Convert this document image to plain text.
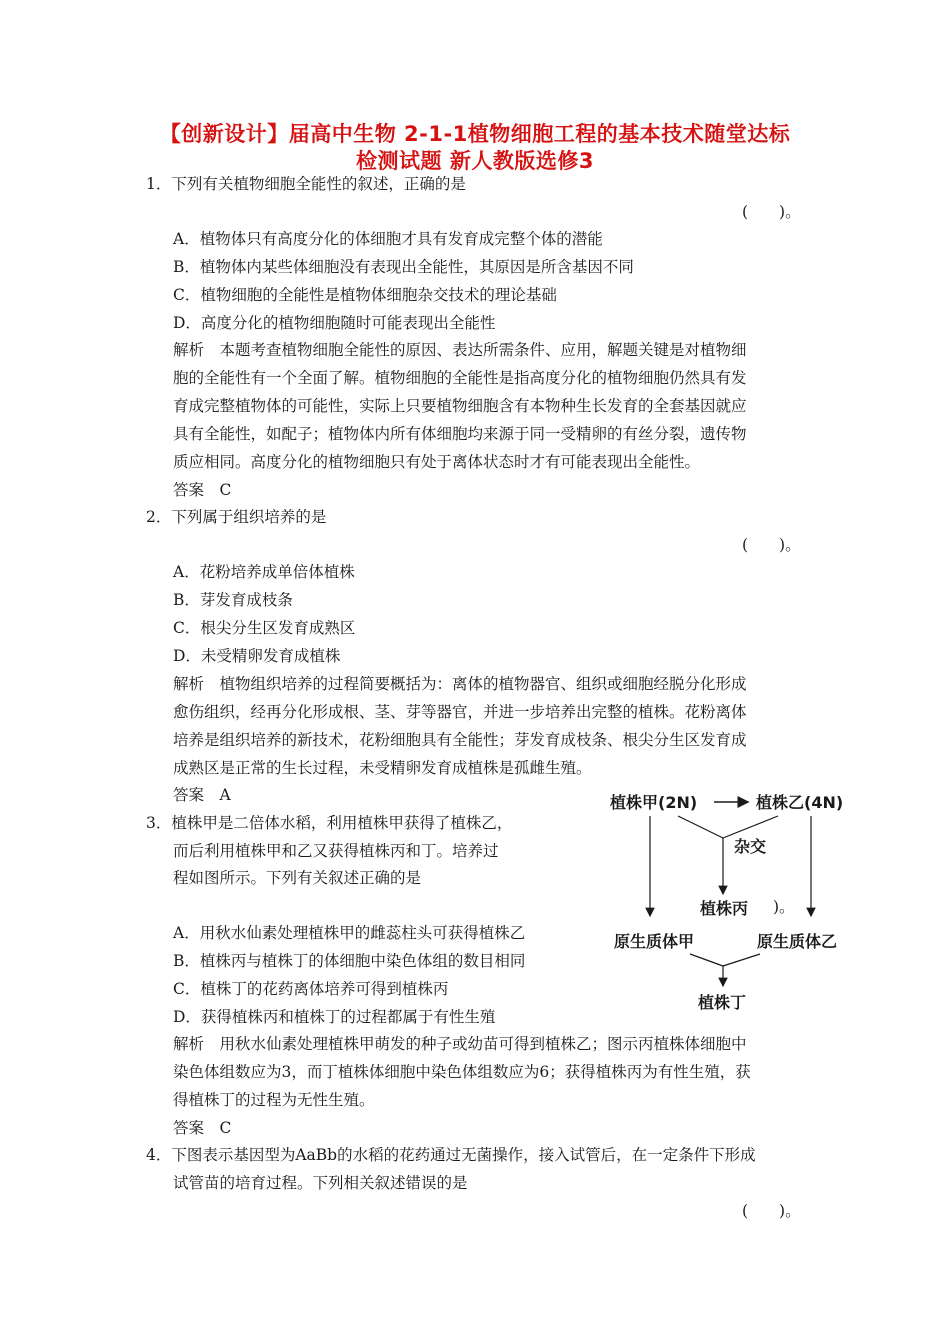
【创新设计】届高中生物 2-1-1植物细胞工程的基本技术随堂达标
检测试题 新人教版选修3
1．下列有关植物细胞全能性的叙述，正确的是
(　　)。
A．植物体只有高度分化的体细胞才具有发育成完整个体的潜能
B．植物体内某些体细胞没有表现出全能性，其原因是所含基因不同
C．植物细胞的全能性是植物体细胞杂交技术的理论基础
D．高度分化的植物细胞随时可能表现出全能性
解析　本题考查植物细胞全能性的原因、表达所需条件、应用，解题关键是对植物细
胞的全能性有一个全面了解。植物细胞的全能性是指高度分化的植物细胞仍然具有发
育成完整植物体的可能性，实际上只要植物细胞含有本物种生长发育的全套基因就应
具有全能性，如配子；植物体内所有体细胞均来源于同一受精卵的有丝分裂，遗传物
质应相同。高度分化的植物细胞只有处于离体状态时才有可能表现出全能性。
答案　C
2．下列属于组织培养的是
(　　)。
A．花粉培养成单倍体植株
B．芽发育成枝条
C．根尖分生区发育成熟区
D．未受精卵发育成植株
解析　植物组织培养的过程简要概括为：离体的植物器官、组织或细胞经脱分化形成
愈伤组织，经再分化形成根、茎、芽等器官，并进一步培养出完整的植株。花粉离体
培养是组织培养的新技术，花粉细胞具有全能性；芽发育成枝条、根尖分生区发育成
成熟区是正常的生长过程，未受精卵发育成植株是孤雌生殖。
答案　A
3．植株甲是二倍体水稻，利用植株甲获得了植株乙，
而后利用植株甲和乙又获得植株丙和丁。培养过
程如图所示。下列有关叙述正确的是
)。
A．用秋水仙素处理植株甲的雌蕊柱头可获得植株乙
B．植株丙与植株丁的体细胞中染色体组的数目相同
C．植株丁的花药离体培养可得到植株丙
D．获得植株丙和植株丁的过程都属于有性生殖
解析　用秋水仙素处理植株甲萌发的种子或幼苗可得到植株乙；图示丙植株体细胞中
染色体组数应为3，而丁植株体细胞中染色体组数应为6；获得植株丙为有性生殖，获
得植株丁的过程为无性生殖。
答案　C
植株甲(2N)	植株乙(4N)
杂交
植株丙
原生质体甲	原生质体乙
植株丁
4．下图表示基因型为AaBb的水稻的花药通过无菌操作，接入试管后，在一定条件下形成
试管苗的培育过程。下列相关叙述错误的是
(　　)。
